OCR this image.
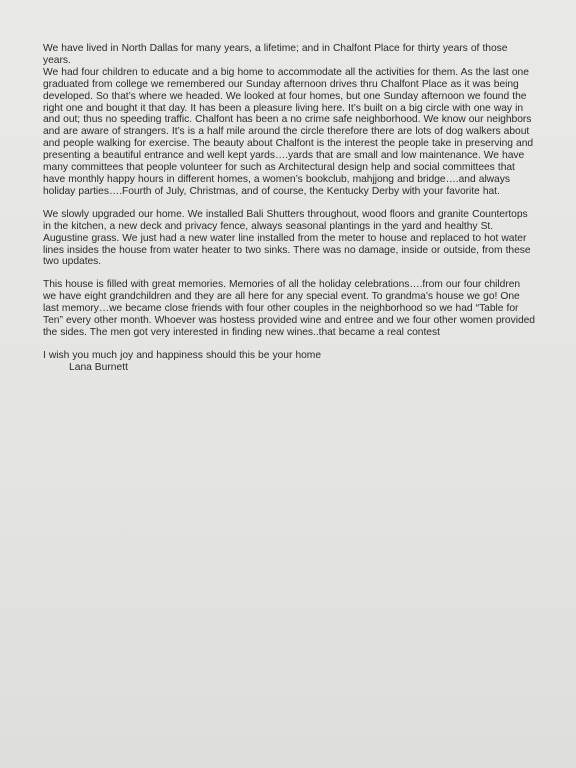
We have lived in North Dallas for many years, a lifetime; and in Chalfont Place for thirty years of those years.

We had four children to educate and a big home to accommodate all the activities for them. As the last one graduated from college we remembered our Sunday afternoon drives thru Chalfont Place as it was being developed. So that’s where we headed. We looked at four homes, but one Sunday afternoon we found the right one and bought it that day. It has been a pleasure living here. It’s built on a big circle with one way in and out; thus no speeding traffic. Chalfont has been a no crime safe neighborhood. We know our neighbors and are aware of strangers. It’s is a half mile around the circle therefore there are lots of dog walkers about and people walking for exercise. The beauty about Chalfont is the interest the people take in preserving and presenting a beautiful entrance and well kept yards….yards that are small and low maintenance. We have many committees that people volunteer for such as Architectural design help and social committees that have monthly happy hours in different homes, a women’s bookclub, mahjjong and bridge….and always holiday parties….Fourth of July, Christmas, and of course, the Kentucky Derby with your favorite hat.

We slowly upgraded our home. We installed Bali Shutters throughout, wood floors and granite Countertops in the kitchen, a new deck and privacy fence, always seasonal plantings in the yard and healthy St. Augustine grass. We just had a new water line installed from the meter to house and replaced to hot water lines insides the house from water heater to two sinks. There was no damage, inside or outside, from these two updates.

This house is filled with great memories. Memories of all the holiday celebrations….from our four children we have eight grandchildren and they are all here for any special event. To grandma’s house we go! One last memory…we became close friends with four other couples in the neighborhood so we had “Table for Ten” every other month. Whoever was hostess provided wine and entree and we four other women provided the sides. The men got very interested in finding new wines..that became a real contest

I wish you much joy and happiness should this be your home

Lana Burnett
